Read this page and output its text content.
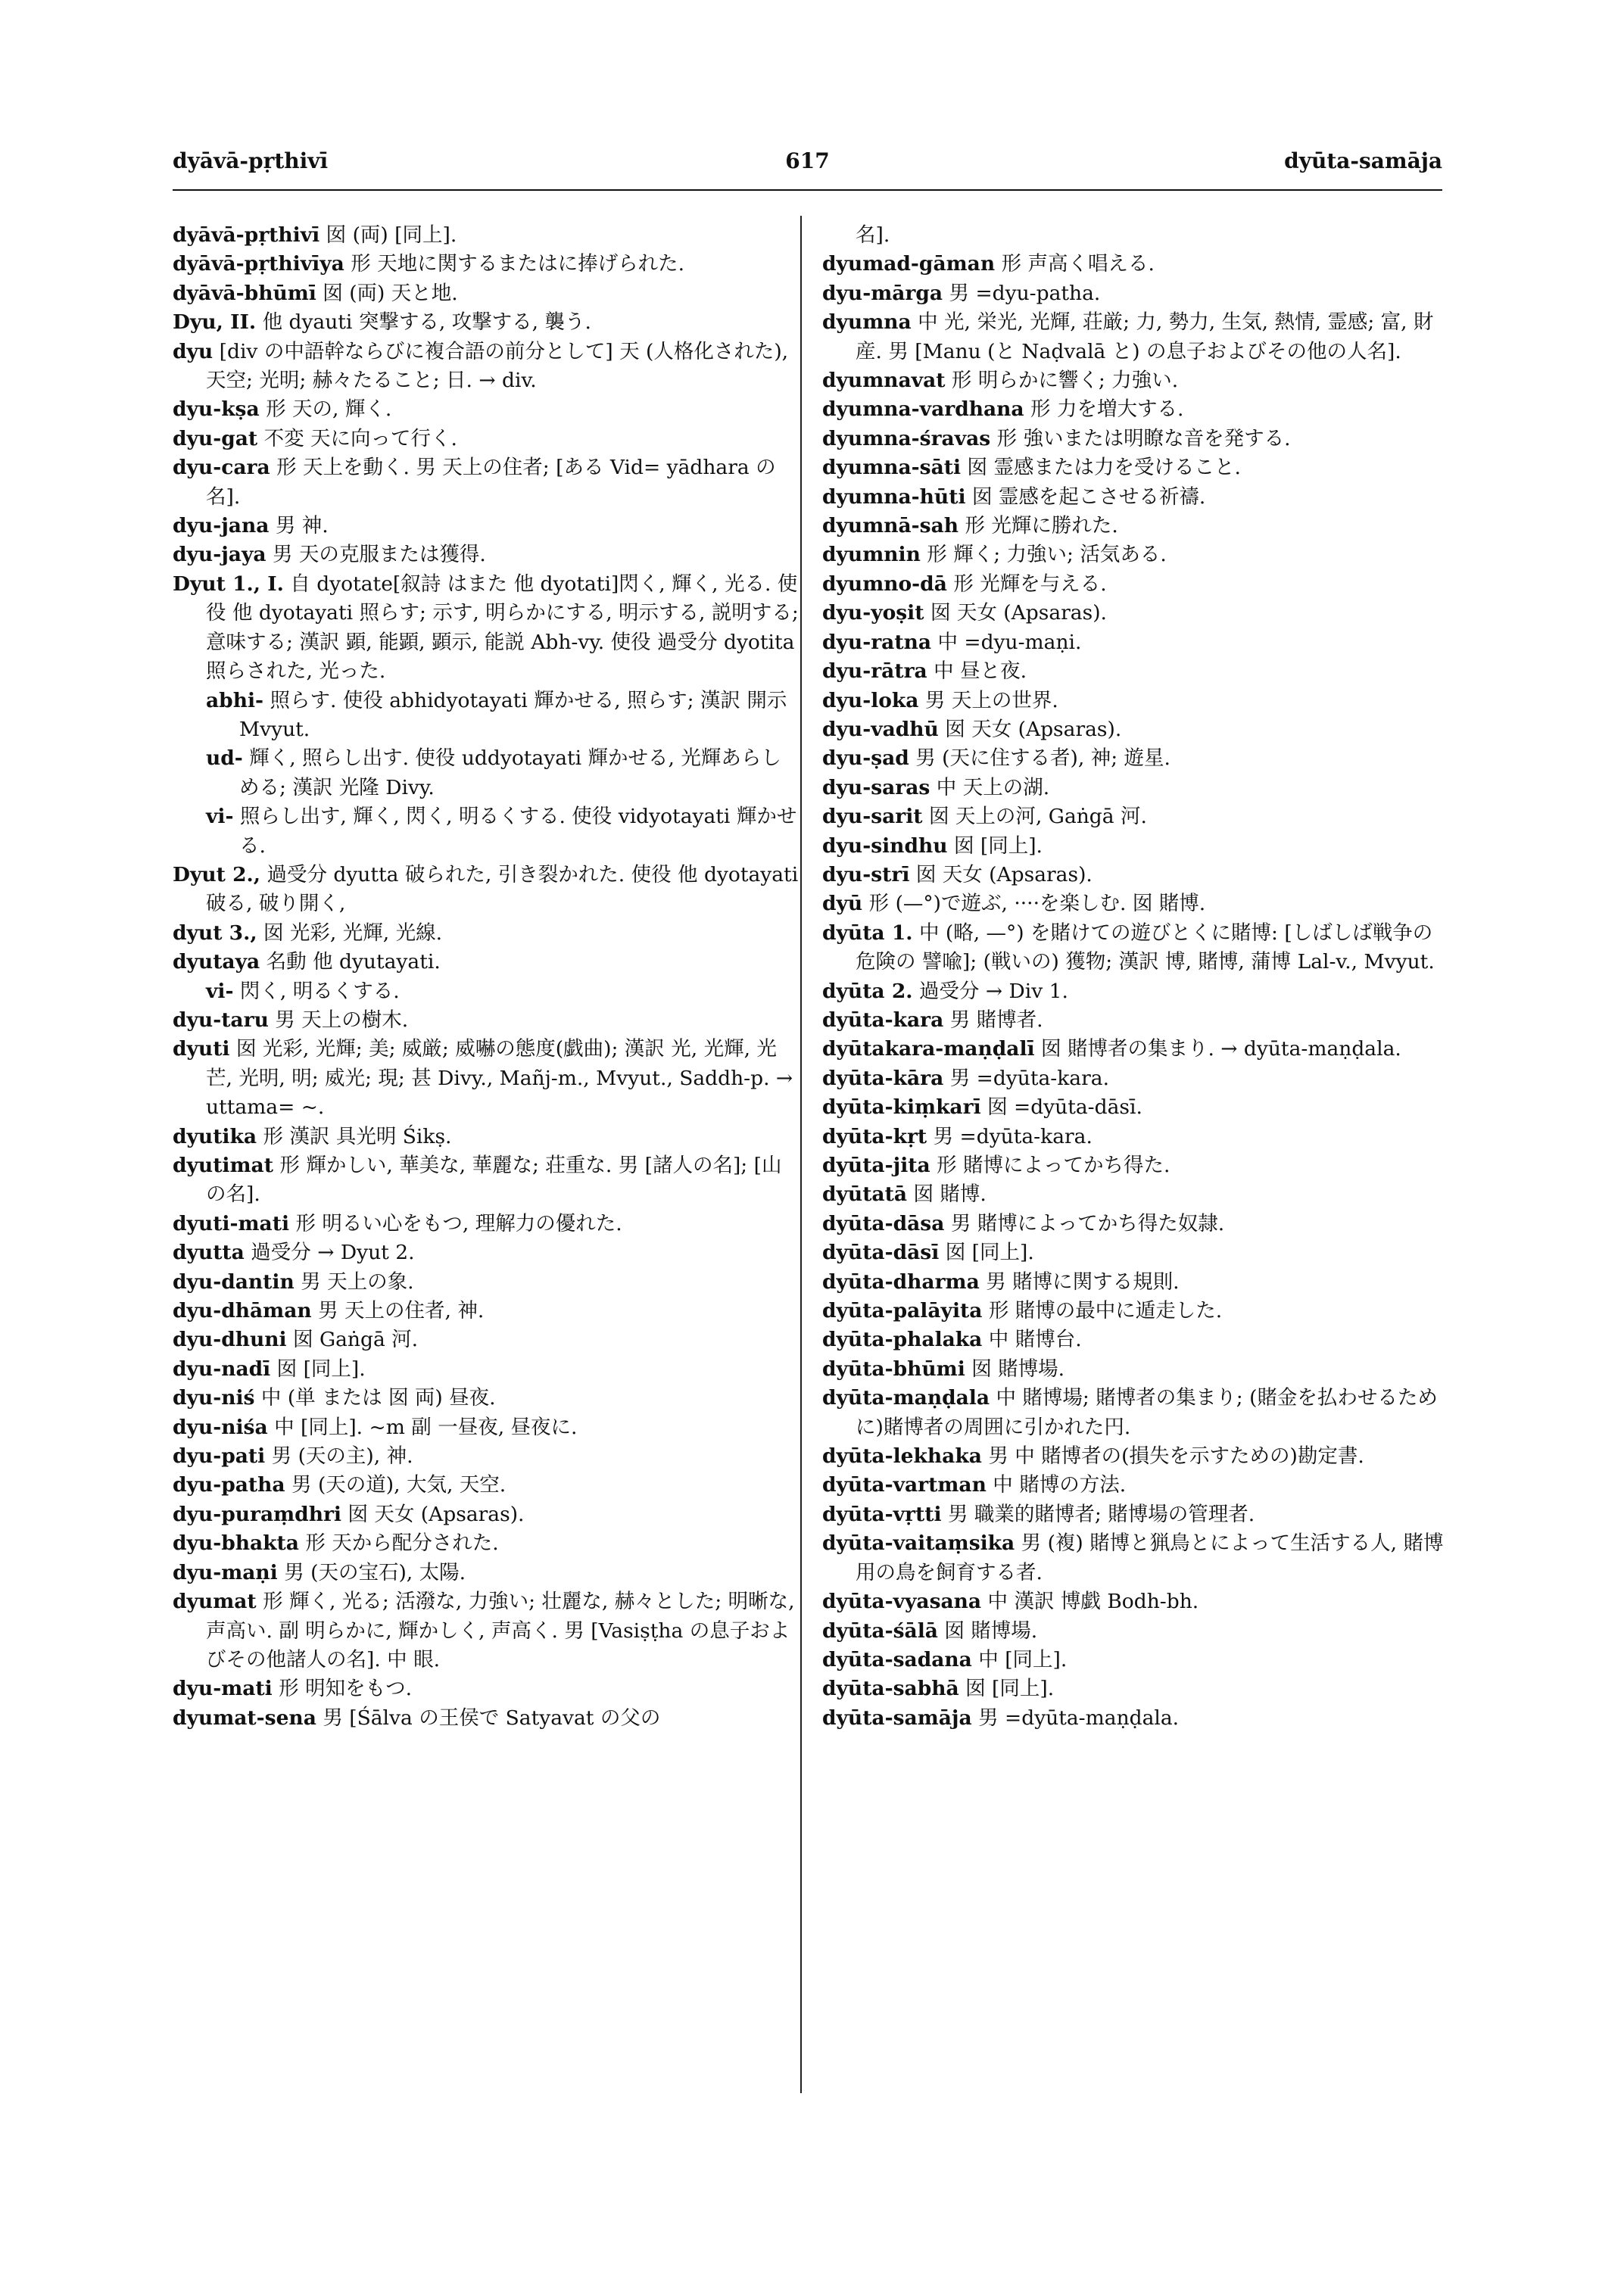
dyāvā-pṛthivī	617	dyūta-samāja

dyāvā-pṛthivī 囡 (両) [同上].

dyāvā-pṛthivīya 形 天地に関するまたはに捧げられた.

dyāvā-bhūmī 囡 (両) 天と地.

Dyu, II. 他 dyauti 突撃する, 攻撃する, 襲う.

dyu [div の中語幹ならびに複合語の前分として] 天 (人格化された), 天空; 光明; 赫々たること; 日. → div.

dyu-kṣa 形 天の, 輝く.

dyu-gat 不変 天に向って行く.

dyu-cara 形 天上を動く. 男 天上の住者; [ある Vid= yādhara の名].

dyu-jana 男 神.

dyu-jaya 男 天の克服または獲得.

Dyut 1., I. 自 dyotate[叙詩 はまた 他 dyotati]閃く, 輝く, 光る. 使役 他 dyotayati 照らす; 示す, 明らかにする, 明示する, 説明する; 意味する; 漢訳 顕, 能顕, 顕示, 能説 Abh-vy. 使役 過受分 dyotita 照らされた, 光った.

abhi- 照らす. 使役 abhidyotayati 輝かせる, 照らす; 漢訳 開示 Mvyut.

ud- 輝く, 照らし出す. 使役 uddyotayati 輝かせる, 光輝あらしめる; 漢訳 光隆 Divy.

vi- 照らし出す, 輝く, 閃く, 明るくする. 使役 vidyotayati 輝かせる.

Dyut 2., 過受分 dyutta 破られた, 引き裂かれた. 使役 他 dyotayati 破る, 破り開く,

dyut 3., 囡 光彩, 光輝, 光線.

dyutaya 名動 他 dyutayati.

vi- 閃く, 明るくする.

dyu-taru 男 天上の樹木.

dyuti 囡 光彩, 光輝; 美; 威厳; 威嚇の態度(戯曲); 漢訳 光, 光輝, 光芒, 光明, 明; 威光; 現; 甚 Divy., Mañj-m., Mvyut., Saddh-p. → uttama= ~.

dyutika 形 漢訳 具光明 Śikṣ.

dyutimat 形 輝かしい, 華美な, 華麗な; 荘重な. 男 [諸人の名]; [山の名].

dyuti-mati 形 明るい心をもつ, 理解力の優れた.

dyutta 過受分 → Dyut 2.

dyu-dantin 男 天上の象.

dyu-dhāman 男 天上の住者, 神.

dyu-dhuni 囡 Gaṅgā 河.

dyu-nadī 囡 [同上].

dyu-niś 中 (単 または 囡 両) 昼夜.

dyu-niśa 中 [同上]. ~m 副 一昼夜, 昼夜に.

dyu-pati 男 (天の主), 神.

dyu-patha 男 (天の道), 大気, 天空.

dyu-puraṃdhri 囡 天女 (Apsaras).

dyu-bhakta 形 天から配分された.

dyu-maṇi 男 (天の宝石), 太陽.

dyumat 形 輝く, 光る; 活潑な, 力強い; 壮麗な, 赫々とした; 明晰な, 声高い. 副 明らかに, 輝かしく, 声高く. 男 [Vasiṣṭha の息子およびその他諸人の名]. 中 眼.

dyu-mati 形 明知をもつ.

dyumat-sena 男 [Śālva の王侯で Satyavat の父の

名].

dyumad-gāman 形 声高く唱える.

dyu-mārga 男 =dyu-patha.

dyumna 中 光, 栄光, 光輝, 荘厳; 力, 勢力, 生気, 熱情, 霊感; 富, 財産. 男 [Manu (と Naḍvalā と) の息子およびその他の人名].

dyumnavat 形 明らかに響く; 力強い.

dyumna-vardhana 形 力を増大する.

dyumna-śravas 形 強いまたは明瞭な音を発する.

dyumna-sāti 囡 霊感または力を受けること.

dyumna-hūti 囡 霊感を起こさせる祈禱.

dyumnā-sah 形 光輝に勝れた.

dyumnin 形 輝く; 力強い; 活気ある.

dyumno-dā 形 光輝を与える.

dyu-yoṣit 囡 天女 (Apsaras).

dyu-ratna 中 =dyu-maṇi.

dyu-rātra 中 昼と夜.

dyu-loka 男 天上の世界.

dyu-vadhū 囡 天女 (Apsaras).

dyu-ṣad 男 (天に住する者), 神; 遊星.

dyu-saras 中 天上の湖.

dyu-sarit 囡 天上の河, Gaṅgā 河.

dyu-sindhu 囡 [同上].

dyu-strī 囡 天女 (Apsaras).

dyū 形 (—°)で遊ぶ, ····を楽しむ. 囡 賭博.

dyūta 1. 中 (略, —°) を賭けての遊びとくに賭博: [しばしば戦争の危険の 譬喩]; (戦いの) 獲物; 漢訳 博, 賭博, 蒲博 Lal-v., Mvyut.

dyūta 2. 過受分 → Div 1.

dyūta-kara 男 賭博者.

dyūtakara-maṇḍalī 囡 賭博者の集まり. → dyūta-maṇḍala.

dyūta-kāra 男 =dyūta-kara.

dyūta-kiṃkarī 囡 =dyūta-dāsī.

dyūta-kṛt 男 =dyūta-kara.

dyūta-jita 形 賭博によってかち得た.

dyūtatā 囡 賭博.

dyūta-dāsa 男 賭博によってかち得た奴隷.

dyūta-dāsī 囡 [同上].

dyūta-dharma 男 賭博に関する規則.

dyūta-palāyita 形 賭博の最中に遁走した.

dyūta-phalaka 中 賭博台.

dyūta-bhūmi 囡 賭博場.

dyūta-maṇḍala 中 賭博場; 賭博者の集まり; (賭金を払わせるために)賭博者の周囲に引かれた円.

dyūta-lekhaka 男 中 賭博者の(損失を示すための)勘定書.

dyūta-vartman 中 賭博の方法.

dyūta-vṛtti 男 職業的賭博者; 賭博場の管理者.

dyūta-vaitaṃsika 男 (複) 賭博と猟鳥とによって生活する人, 賭博用の鳥を飼育する者.

dyūta-vyasana 中 漢訳 博戯 Bodh-bh.

dyūta-śālā 囡 賭博場.

dyūta-sadana 中 [同上].

dyūta-sabhā 囡 [同上].

dyūta-samāja 男 =dyūta-maṇḍala.
